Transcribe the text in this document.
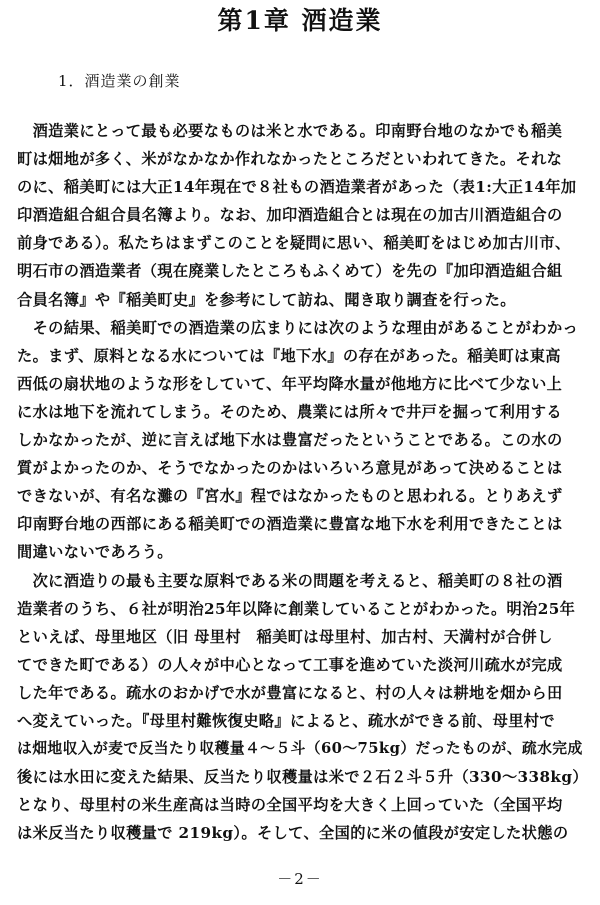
第1章 酒造業
1．酒造業の創業
　酒造業にとって最も必要なものは米と水である。印南野台地のなかでも稲美
町は畑地が多く、米がなかなか作れなかったところだといわれてきた。それな
のに、稲美町には大正14年現在で８社もの酒造業者があった（表1:大正14年加
印酒造組合組合員名簿より。なお、加印酒造組合とは現在の加古川酒造組合の
前身である）。私たちはまずこのことを疑問に思い、稲美町をはじめ加古川市、
明石市の酒造業者（現在廃業したところもふくめて）を先の『加印酒造組合組
合員名簿』や『稲美町史』を参考にして訪ね、聞き取り調査を行った。
　その結果、稲美町での酒造業の広まりには次のような理由があることがわかっ
た。まず、原料となる水については『地下水』の存在があった。稲美町は東高
西低の扇状地のような形をしていて、年平均降水量が他地方に比べて少ない上
に水は地下を流れてしまう。そのため、農業には所々で井戸を掘って利用する
しかなかったが、逆に言えば地下水は豊富だったということである。この水の
質がよかったのか、そうでなかったのかはいろいろ意見があって決めることは
できないが、有名な灘の『宮水』程ではなかったものと思われる。とりあえず
印南野台地の西部にある稲美町での酒造業に豊富な地下水を利用できたことは
間違いないであろう。
　次に酒造りの最も主要な原料である米の問題を考えると、稲美町の８社の酒
造業者のうち、６社が明治25年以降に創業していることがわかった。明治25年
といえば、母里地区（旧 母里村　稲美町は母里村、加古村、天満村が合併し
てできた町である）の人々が中心となって工事を進めていた淡河川疏水が完成
した年である。疏水のおかげで水が豊富になると、村の人々は耕地を畑から田
へ変えていった。『母里村難恢復史略』によると、疏水ができる前、母里村で
は畑地収入が麦で反当たり収穫量４～５斗（60～75kg）だったものが、疏水完成
後には水田に変えた結果、反当たり収穫量は米で２石２斗５升（330～338kg）
となり、母里村の米生産高は当時の全国平均を大きく上回っていた（全国平均
は米反当たり収穫量で 219kg）。そして、全国的に米の値段が安定した状態の
－2－
